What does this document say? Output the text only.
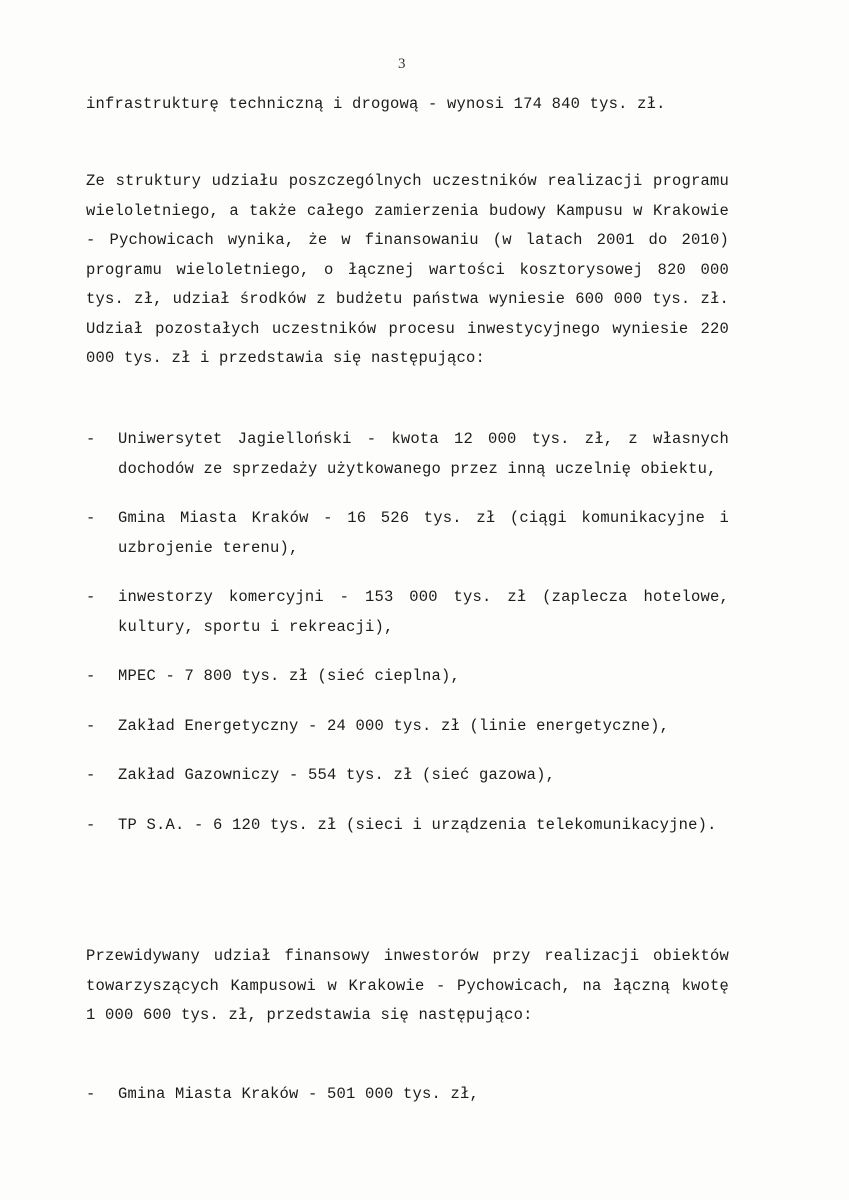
3
infrastrukturę techniczną i drogową - wynosi 174 840 tys. zł.
Ze struktury udziału poszczególnych uczestników realizacji programu wieloletniego, a także całego zamierzenia budowy Kampusu w Krakowie - Pychowicach wynika, że w finansowaniu (w latach 2001 do 2010) programu wieloletniego, o łącznej wartości kosztorysowej 820 000 tys. zł, udział środków z budżetu państwa wyniesie 600 000 tys. zł. Udział pozostałych uczestników procesu inwestycyjnego wyniesie 220 000 tys. zł i przedstawia się następująco:
- Uniwersytet Jagielloński - kwota 12 000 tys. zł, z własnych dochodów ze sprzedaży użytkowanego przez inną uczelnię obiektu,
- Gmina Miasta Kraków - 16 526 tys. zł (ciągi komunikacyjne i uzbrojenie terenu),
- inwestorzy komercyjni - 153 000 tys. zł (zaplecza hotelowe, kultury, sportu i rekreacji),
- MPEC - 7 800 tys. zł (sieć cieplna),
- Zakład Energetyczny - 24 000 tys. zł (linie energetyczne),
- Zakład Gazowniczy - 554 tys. zł (sieć gazowa),
- TP S.A. - 6 120 tys. zł (sieci i urządzenia telekomunikacyjne).
Przewidywany udział finansowy inwestorów przy realizacji obiektów towarzyszących Kampusowi w Krakowie - Pychowicach, na łączną kwotę 1 000 600 tys. zł, przedstawia się następująco:
- Gmina Miasta Kraków - 501 000 tys. zł,
